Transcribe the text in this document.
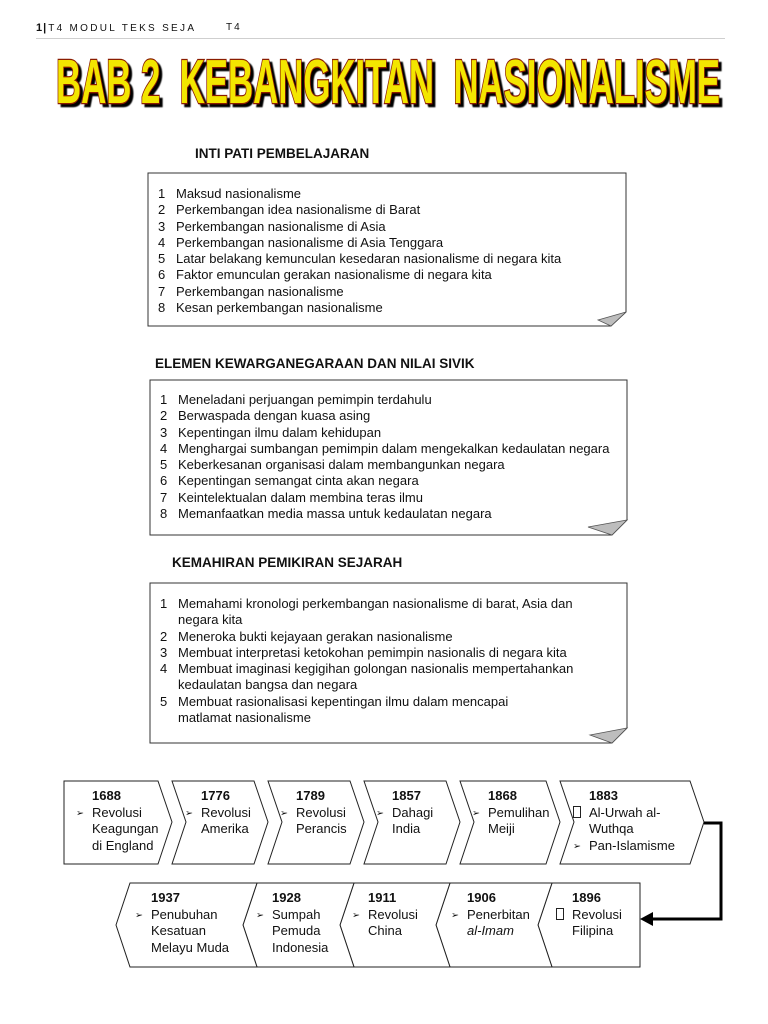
1| T4 MODUL TEKS SEJA	T4
BAB 2  KEBANGKITAN  NASIONALISME
INTI PATI PEMBELAJARAN
ELEMEN KEWARGANEGARAAN DAN NILAI SIVIK
KEMAHIRAN PEMIKIRAN SEJARAH
1 Maksud nasionalisme
2 Perkembangan idea nasionalisme di Barat
3 Perkembangan nasionalisme di Asia
4 Perkembangan nasionalisme di Asia Tenggara
5 Latar belakang kemunculan kesedaran nasionalisme di negara kita
6 Faktor emunculan gerakan nasionalisme di negara kita
7 Perkembangan nasionalisme
8 Kesan perkembangan nasionalisme
1 Meneladani perjuangan pemimpin terdahulu
2 Berwaspada dengan kuasa asing
3 Kepentingan ilmu dalam kehidupan
4 Menghargai sumbangan pemimpin dalam mengekalkan kedaulatan negara
5 Keberkesanan organisasi dalam membangunkan negara
6 Kepentingan semangat cinta akan negara
7 Keintelektualan dalam membina teras ilmu
8 Memanfaatkan media massa untuk kedaulatan negara
1 Memahami kronologi perkembangan nasionalisme di barat, Asia dan
negara kita
2 Meneroka bukti kejayaan gerakan nasionalisme
3 Membuat interpretasi ketokohan pemimpin nasionalis di negara kita
4 Membuat imaginasi kegigihan golongan nasionalis mempertahankan
kedaulatan bangsa dan negara
5 Membuat rasionalisasi kepentingan ilmu dalam mencapai
matlamat nasionalisme
1688
➢ Revolusi
Keagungan
di England
1776
➢ Revolusi
Amerika
1789
➢ Revolusi
Perancis
1857
➢ Dahagi
India
1868
➢ Pemulihan
Meiji
1883
Al-Urwah al-
Wuthqa
➢ Pan-Islamisme
1937
➢ Penubuhan
Kesatuan
Melayu Muda
1928
➢ Sumpah
Pemuda
Indonesia
1911
➢ Revolusi
China
1906
➢ Penerbitan
al-Imam
1896
Revolusi
Filipina
